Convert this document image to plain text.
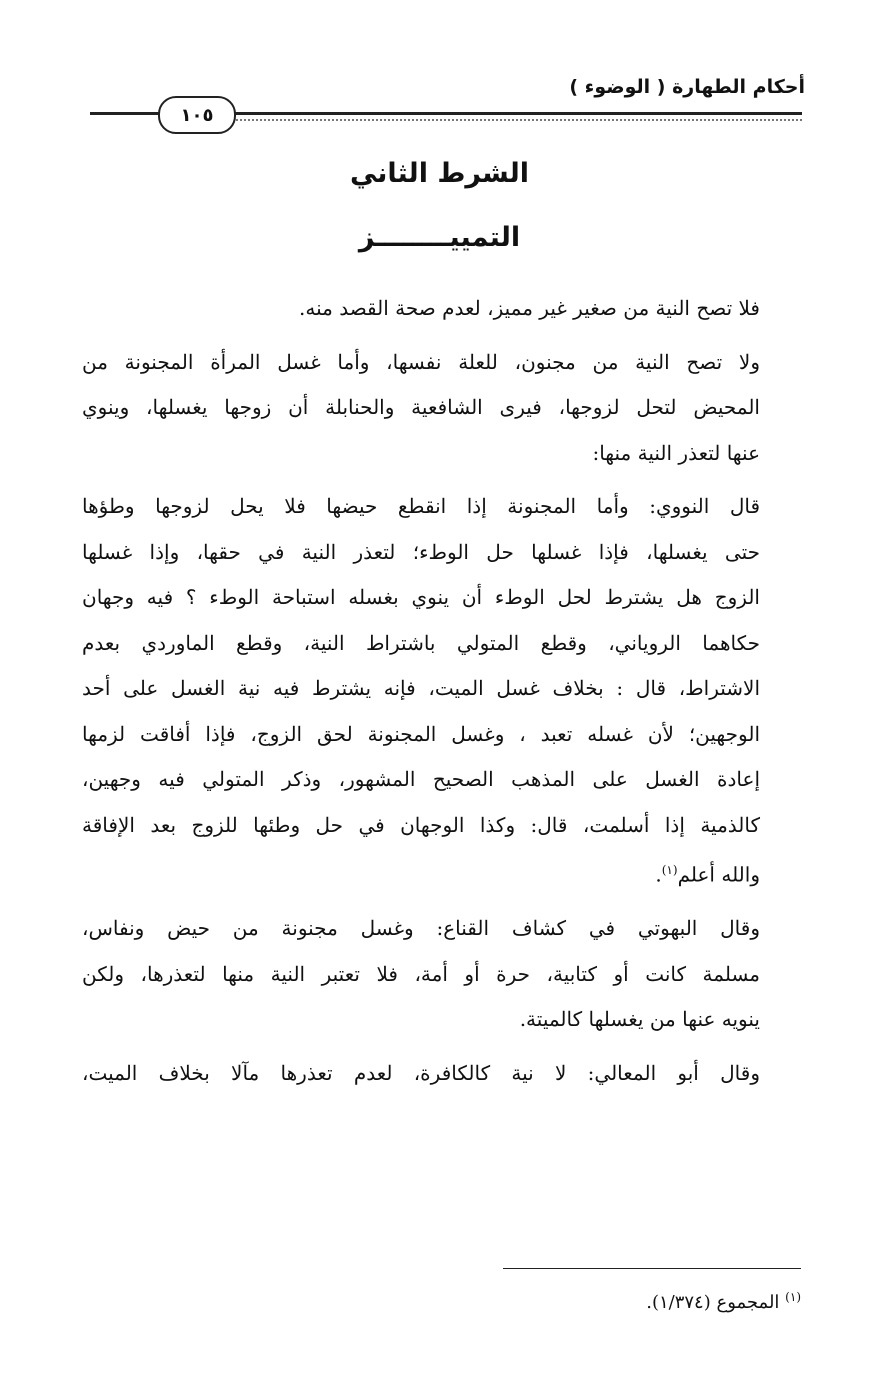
أحكام الطهارة ( الوضوء )
١٠٥
الشرط الثاني
التمييــــــــز

فلا تصح النية من صغير غير مميز، لعدم صحة القصد منه.

ولا تصح النية من مجنون، للعلة نفسها، وأما غسل المرأة المجنونة من
المحيض لتحل لزوجها، فيرى الشافعية والحنابلة أن زوجها يغسلها، وينوي
عنها لتعذر النية منها:

قال النووي: وأما المجنونة إذا انقطع حيضها فلا يحل لزوجها وطؤها
حتى يغسلها، فإذا غسلها حل الوطء؛ لتعذر النية في حقها، وإذا غسلها
الزوج هل يشترط لحل الوطء أن ينوي بغسله استباحة الوطء ؟ فيه وجهان
حكاهما الروياني، وقطع المتولي باشتراط النية، وقطع الماوردي بعدم
الاشتراط، قال : بخلاف غسل الميت، فإنه يشترط فيه نية الغسل على أحد
الوجهين؛ لأن غسله تعبد ، وغسل المجنونة لحق الزوج، فإذا أفاقت لزمها
إعادة الغسل على المذهب الصحيح المشهور، وذكر المتولي فيه وجهين،
كالذمية إذا أسلمت، قال: وكذا الوجهان في حل وطئها للزوج بعد الإفاقة
والله أعلم$^{(١)}$.

وقال البهوتي في كشاف القناع: وغسل مجنونة من حيض ونفاس،
مسلمة كانت أو كتابية، حرة أو أمة، فلا تعتبر النية منها لتعذرها، ولكن
ينويه عنها من يغسلها كالميتة.

وقال أبو المعالي: لا نية كالكافرة، لعدم تعذرها مآلا بخلاف الميت،

$^{(١)}$ المجموع (١/٣٧٤).
